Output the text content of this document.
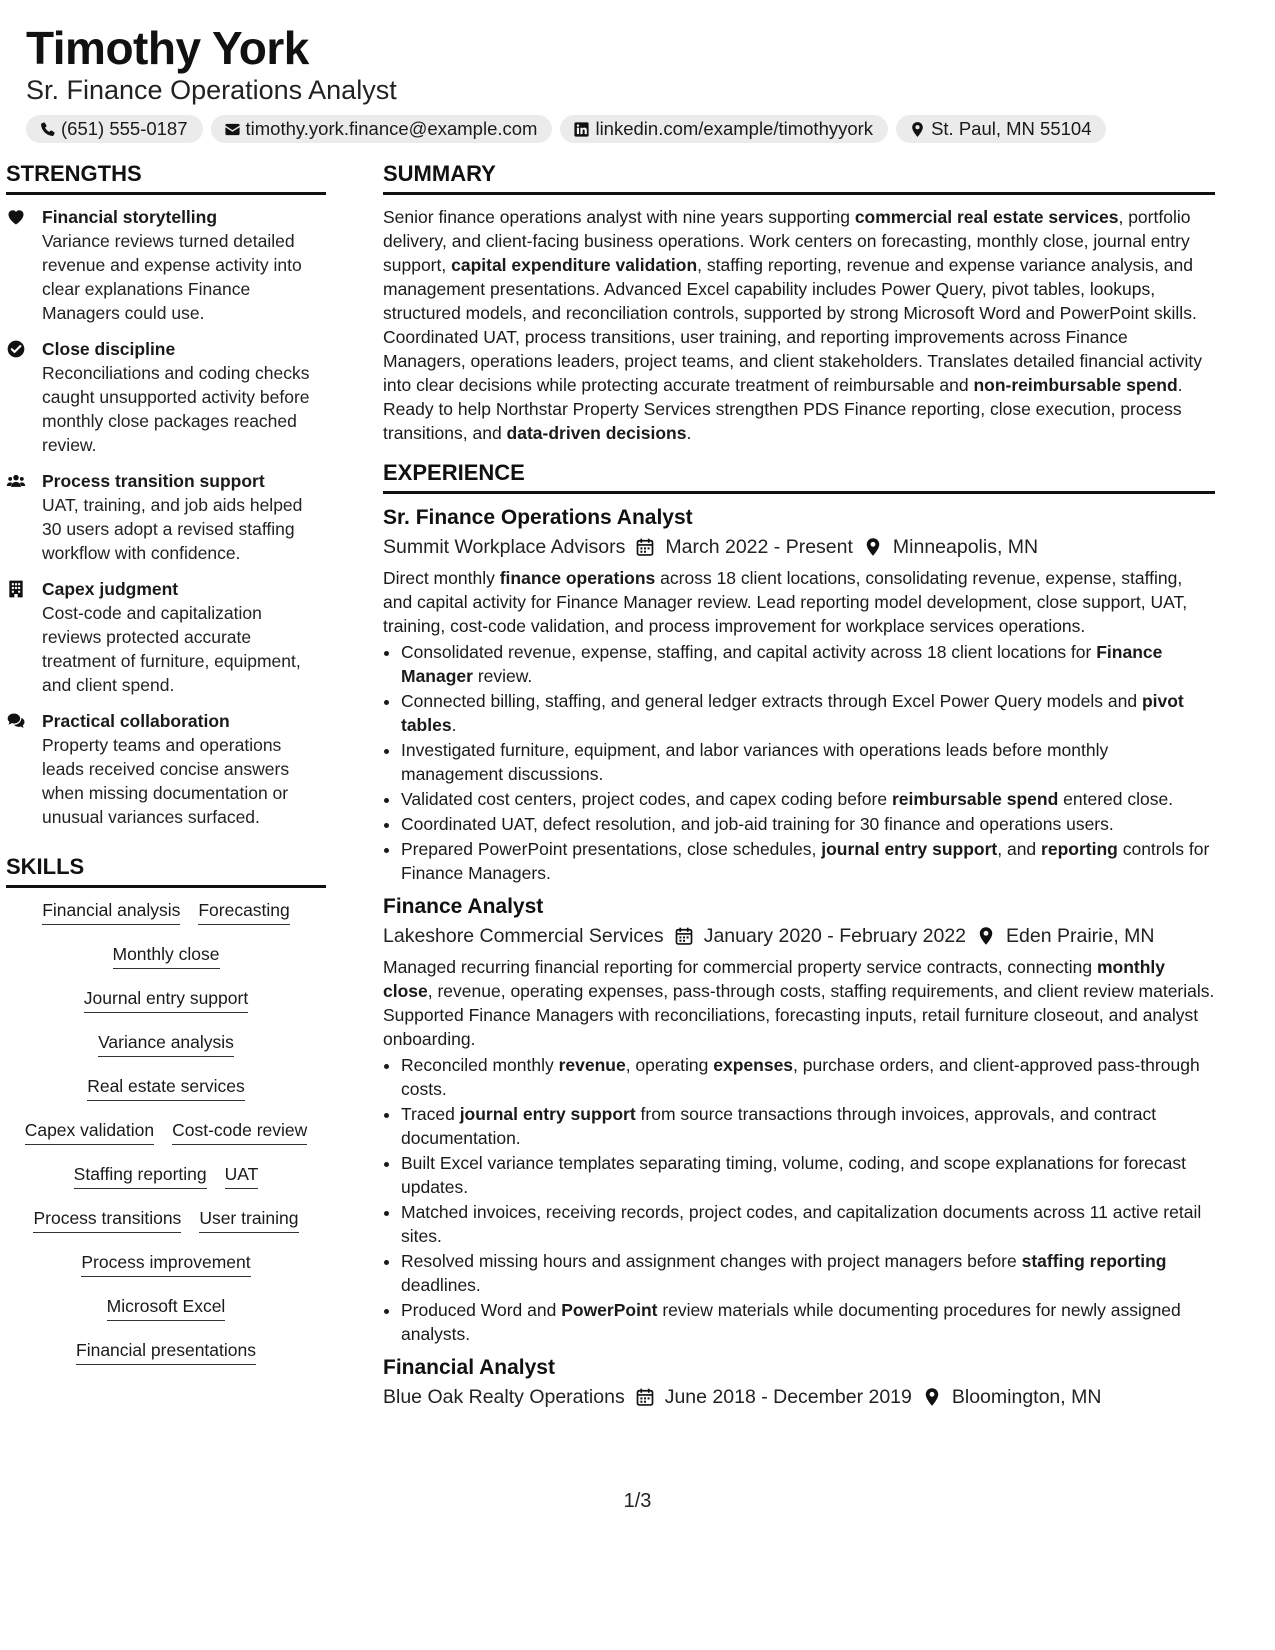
Timothy York
Sr. Finance Operations Analyst
(651) 555-0187	timothy.york.finance@example.com	linkedin.com/example/timothyyork	St. Paul, MN 55104
STRENGTHS
Financial storytelling
Variance reviews turned detailed revenue and expense activity into clear explanations Finance Managers could use.
Close discipline
Reconciliations and coding checks caught unsupported activity before monthly close packages reached review.
Process transition support
UAT, training, and job aids helped 30 users adopt a revised staffing workflow with confidence.
Capex judgment
Cost-code and capitalization reviews protected accurate treatment of furniture, equipment, and client spend.
Practical collaboration
Property teams and operations leads received concise answers when missing documentation or unusual variances surfaced.
SKILLS
Financial analysis Forecasting
Monthly close
Journal entry support
Variance analysis
Real estate services
Capex validation Cost-code review
Staffing reporting UAT
Process transitions User training
Process improvement
Microsoft Excel
Financial presentations
SUMMARY
Senior finance operations analyst with nine years supporting commercial real estate services, portfolio delivery, and client-facing business operations. Work centers on forecasting, monthly close, journal entry support, capital expenditure validation, staffing reporting, revenue and expense variance analysis, and management presentations. Advanced Excel capability includes Power Query, pivot tables, lookups, structured models, and reconciliation controls, supported by strong Microsoft Word and PowerPoint skills. Coordinated UAT, process transitions, user training, and reporting improvements across Finance Managers, operations leaders, project teams, and client stakeholders. Translates detailed financial activity into clear decisions while protecting accurate treatment of reimbursable and non-reimbursable spend. Ready to help Northstar Property Services strengthen PDS Finance reporting, close execution, process transitions, and data-driven decisions.
EXPERIENCE
Sr. Finance Operations Analyst
Summit Workplace Advisors March 2022 - Present Minneapolis, MN
Direct monthly finance operations across 18 client locations, consolidating revenue, expense, staffing, and capital activity for Finance Manager review. Lead reporting model development, close support, UAT, training, cost-code validation, and process improvement for workplace services operations.
• Consolidated revenue, expense, staffing, and capital activity across 18 client locations for Finance Manager review.
• Connected billing, staffing, and general ledger extracts through Excel Power Query models and pivot tables.
• Investigated furniture, equipment, and labor variances with operations leads before monthly management discussions.
• Validated cost centers, project codes, and capex coding before reimbursable spend entered close.
• Coordinated UAT, defect resolution, and job-aid training for 30 finance and operations users.
• Prepared PowerPoint presentations, close schedules, journal entry support, and reporting controls for Finance Managers.
Finance Analyst
Lakeshore Commercial Services January 2020 - February 2022 Eden Prairie, MN
Managed recurring financial reporting for commercial property service contracts, connecting monthly close, revenue, operating expenses, pass-through costs, staffing requirements, and client review materials. Supported Finance Managers with reconciliations, forecasting inputs, retail furniture closeout, and analyst onboarding.
• Reconciled monthly revenue, operating expenses, purchase orders, and client-approved pass-through costs.
• Traced journal entry support from source transactions through invoices, approvals, and contract documentation.
• Built Excel variance templates separating timing, volume, coding, and scope explanations for forecast updates.
• Matched invoices, receiving records, project codes, and capitalization documents across 11 active retail sites.
• Resolved missing hours and assignment changes with project managers before staffing reporting deadlines.
• Produced Word and PowerPoint review materials while documenting procedures for newly assigned analysts.
Financial Analyst
Blue Oak Realty Operations June 2018 - December 2019 Bloomington, MN
1/3
